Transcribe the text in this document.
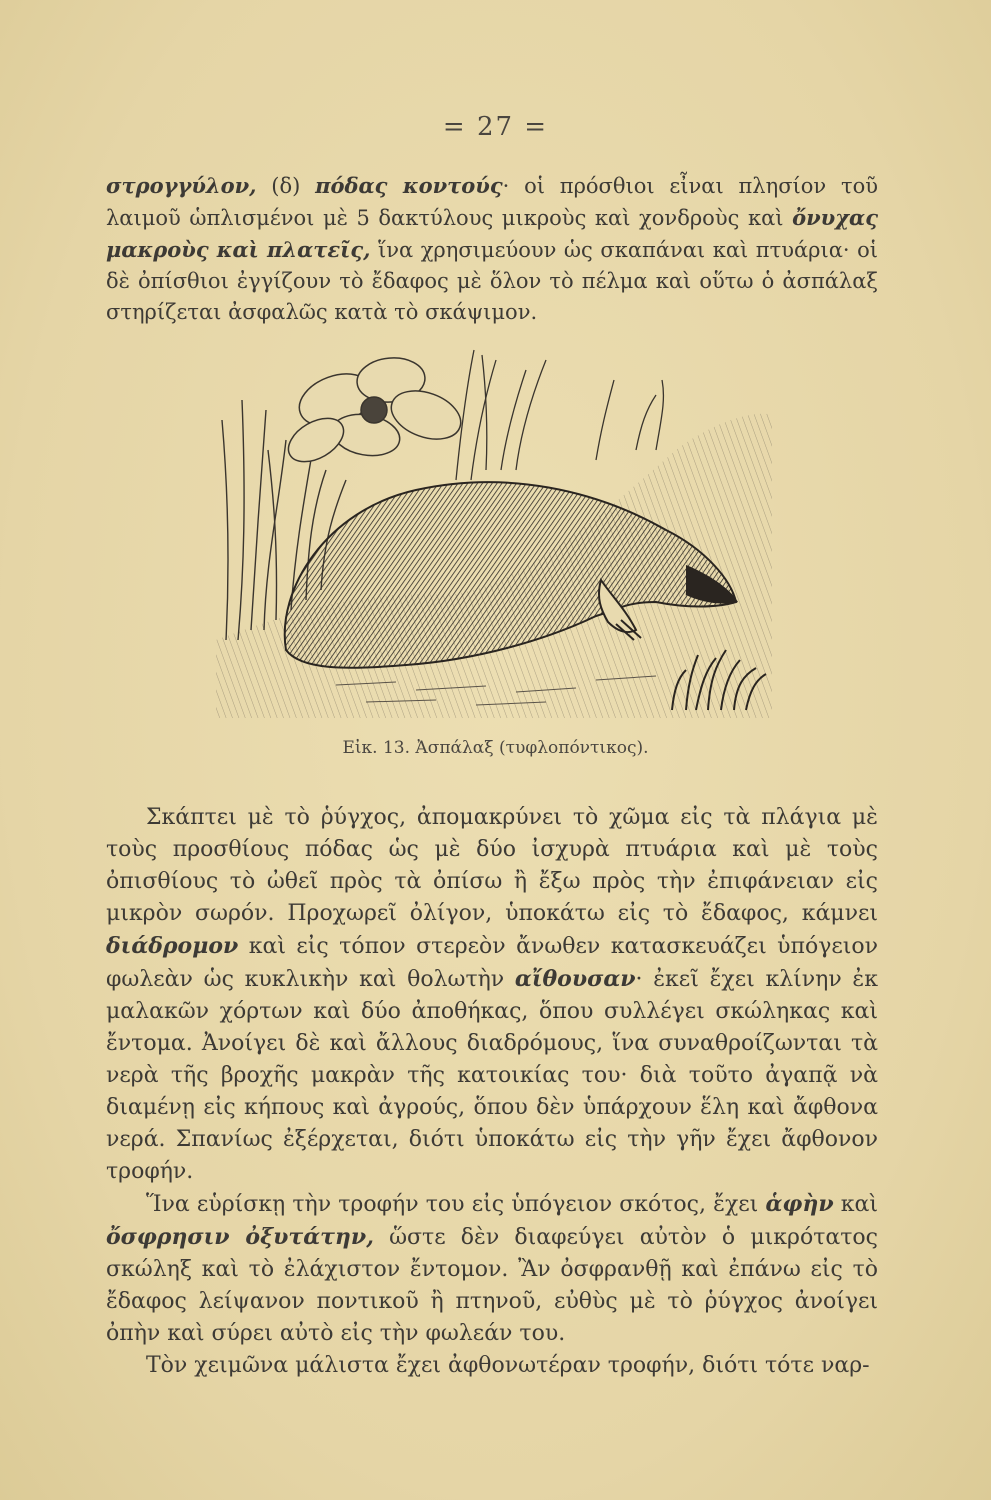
= 27 =

στρογγύλον, (δ) πόδας κοντούς· οἱ πρόσθιοι εἶναι πλησίον τοῦ λαιμοῦ ὡπλισμένοι μὲ 5 δακτύλους μικροὺς καὶ χονδροὺς καὶ ὄνυχας μακροὺς καὶ πλατεῖς, ἵνα χρησιμεύουν ὡς σκαπάναι καὶ πτυάρια· οἱ δὲ ὀπίσθιοι ἐγγίζουν τὸ ἔδαφος μὲ ὅλον τὸ πέλμα καὶ οὕτω ὁ ἀσπάλαξ στηρίζεται ἀσφαλῶς κατὰ τὸ σκάψιμον.

Εἰκ. 13. Ἀσπάλαξ (τυφλοπόντικος).

Σκάπτει μὲ τὸ ῥύγχος, ἀπομακρύνει τὸ χῶμα εἰς τὰ πλάγια μὲ τοὺς προσθίους πόδας ὡς μὲ δύο ἰσχυρὰ πτυάρια καὶ μὲ τοὺς ὀπισθίους τὸ ὠθεῖ πρὸς τὰ ὀπίσω ἢ ἔξω πρὸς τὴν ἐπιφάνειαν εἰς μικρὸν σωρόν. Προχωρεῖ ὀλίγον, ὑποκάτω εἰς τὸ ἔδαφος, κάμνει διάδρομον καὶ εἰς τόπον στερεὸν ἄνωθεν κατασκευάζει ὑπόγειον φωλεὰν ὡς κυκλικὴν καὶ θολωτὴν αἴθουσαν· ἐκεῖ ἔχει κλίνην ἐκ μαλακῶν χόρτων καὶ δύο ἀποθήκας, ὅπου συλλέγει σκώληκας καὶ ἔντομα. Ἀνοίγει δὲ καὶ ἄλλους διαδρόμους, ἵνα συναθροίζωνται τὰ νερὰ τῆς βροχῆς μακρὰν τῆς κατοικίας του· διὰ τοῦτο ἀγαπᾷ νὰ διαμένῃ εἰς κήπους καὶ ἀγρούς, ὅπου δὲν ὑπάρχουν ἕλη καὶ ἄφθονα νερά. Σπανίως ἐξέρχεται, διότι ὑποκάτω εἰς τὴν γῆν ἔχει ἄφθονον τροφήν.

Ἵνα εὑρίσκῃ τὴν τροφήν του εἰς ὑπόγειον σκότος, ἔχει ἁφὴν καὶ ὄσφρησιν ὀξυτάτην, ὥστε δὲν διαφεύγει αὐτὸν ὁ μικρότατος σκώληξ καὶ τὸ ἐλάχιστον ἔντομον. Ἂν ὀσφρανθῇ καὶ ἐπάνω εἰς τὸ ἔδαφος λείψανον ποντικοῦ ἢ πτηνοῦ, εὐθὺς μὲ τὸ ῥύγχος ἀνοίγει ὀπὴν καὶ σύρει αὐτὸ εἰς τὴν φωλεάν του.

Τὸν χειμῶνα μάλιστα ἔχει ἀφθονωτέραν τροφήν, διότι τότε ναρ-
